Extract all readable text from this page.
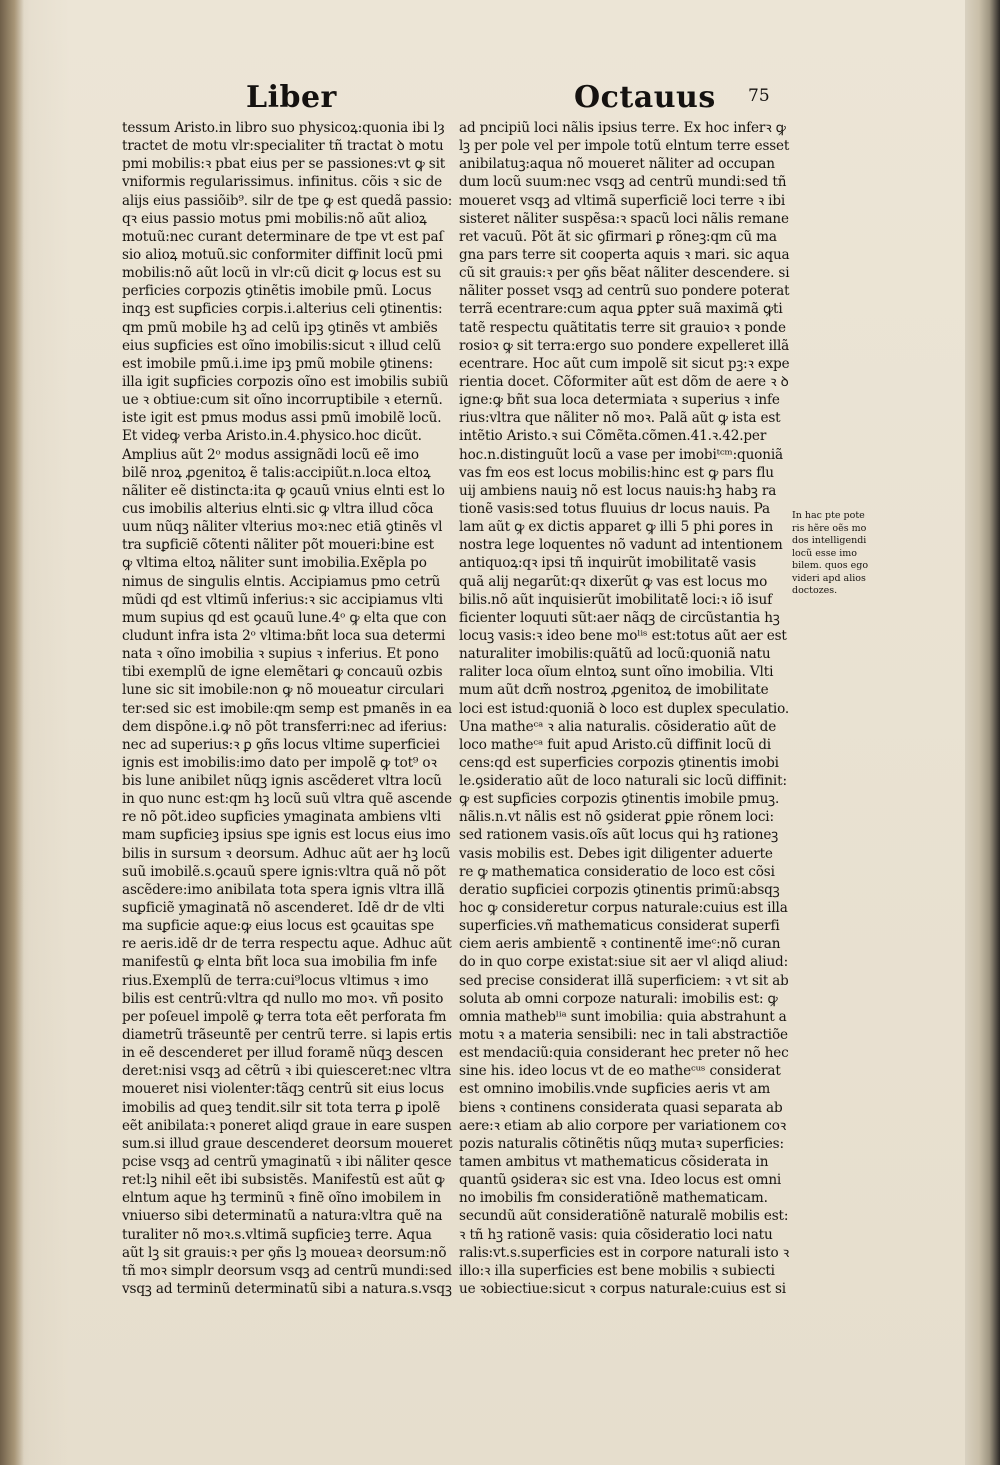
Liber	Octauus 75
tessum Aristo.in libro suo physicoꝝ:quonia ibi lȝ
tractet de motu vlr:specialiter tñ tractat ꝺ motu
pmi mobilis:ꝛ pbat eius per se passiones:vt ꝙ sit
vniformis regularissimus. infinitus. cõis ꝛ sic de
alijs eius passiõib⁹. silr de tpe ꝙ est quedã passio:
qꝛ eius passio motus pmi mobilis:nõ aũt alioꝝ
motuũ:nec curant determinare de tpe vt est paſ
sio alioꝝ motuũ.sic conformiter diffinit locũ pmi
mobilis:nõ aũt locũ in vlr:cũ dicit ꝙ locus est su
perficies corpozis ꝯtinẽtis imobile pmũ. Locus
inqꝫ est suꝑficies corpis.i.alterius celi ꝯtinentis:
qm pmũ mobile hꝫ ad celũ ipꝫ ꝯtinẽs vt ambiẽs
eius suꝑficies est oĩno imobilis:sicut ꝛ illud celũ
est imobile pmũ.i.ime ipꝫ pmũ mobile ꝯtinens:
illa igit suꝑficies corpozis oĩno est imobilis subiũ
ue ꝛ obtiue:cum sit oĩno incorruptibile ꝛ eternũ.
iste igit est pmus modus assi pmũ imobilẽ locũ.
Et videꝙ verba Aristo.in.4.physico.hoc dicũt.
Amplius aũt 2ᵒ modus assignãdi locũ eẽ imo
bilẽ nroꝝ ꝓgenitoꝝ ẽ talis:accipiũt.n.loca eltoꝝ
nãliter eẽ distincta:ita ꝙ ꝯcauũ vnius elnti est lo
cus imobilis alterius elnti.sic ꝙ vltra illud cõca
uum nũqꝫ nãliter vlterius moꝛ:nec etiã ꝯtinẽs vl
tra suꝑficiẽ cõtenti nãliter põt moueri:bine est
ꝙ vltima eltoꝝ nãliter sunt imobilia.Exẽpla po
nimus de singulis elntis. Accipiamus pmo cetrũ
mũdi qd est vltimũ inferius:ꝛ sic accipiamus vlti
mum supius qd est ꝯcauũ lune.4ᵒ ꝙ elta que con
cludunt infra ista 2ᵒ vltima:bñt loca sua determi
nata ꝛ oĩno imobilia ꝛ supius ꝛ inferius. Et pono
tibi exemplũ de igne elemẽtari ꝙ concauũ ozbis
lune sic sit imobile:non ꝙ nõ moueatur circulari
ter:sed sic est imobile:qm semp est pmanẽs in ea
dem dispõne.i.ꝙ nõ põt transferri:nec ad iferius:
nec ad superius:ꝛ ꝑ ꝯñs locus vltime superficiei
ignis est imobilis:imo dato per impolẽ ꝙ tot⁹ oꝛ
bis lune anibilet nũqꝫ ignis ascẽderet vltra locũ
in quo nunc est:qm hꝫ locũ suũ vltra quẽ ascende
re nõ põt.ideo suꝑficies ymaginata ambiens vlti
mam suꝑficieꝫ ipsius spe ignis est locus eius imo
bilis in sursum ꝛ deorsum. Adhuc aũt aer hꝫ locũ
suũ imobilẽ.s.ꝯcauũ spere ignis:vltra quã nõ põt
ascẽdere:imo anibilata tota spera ignis vltra illã
suꝑficiẽ ymaginatã nõ ascenderet. Idẽ dr de vlti
ma suꝑficie aque:ꝙ eius locus est ꝯcauitas spe
re aeris.idẽ dr de terra respectu aque. Adhuc aũt
manifestũ ꝙ elnta bñt loca sua imobilia fm infe
rius.Exemplũ de terra:cui⁹locus vltimus ꝛ imo
bilis est centrũ:vltra qd nullo mo moꝛ. vñ posito
per poſeuel impolẽ ꝙ terra tota eẽt perforata fm
diametrũ trãseuntẽ per centrũ terre. si lapis ertis
in eẽ descenderet per illud foramẽ nũqꝫ descen
deret:nisi vsqꝫ ad cẽtrũ ꝛ ibi quiesceret:nec vltra
moueret nisi violenter:tãqꝫ centrũ sit eius locus
imobilis ad queꝫ tendit.silr sit tota terra ꝑ ipolẽ
eẽt anibilata:ꝛ poneret aliqd graue in eare suspen
sum.si illud graue descenderet deorsum moueret
pcise vsqꝫ ad centrũ ymaginatũ ꝛ ibi nãliter qesce
ret:lꝫ nihil eẽt ibi subsistẽs. Manifestũ est aũt ꝙ
elntum aque hꝫ terminũ ꝛ finẽ oĩno imobilem in
vniuerso sibi determinatũ a natura:vltra quẽ na
turaliter nõ moꝛ.s.vltimã suꝑficieꝫ terre. Aqua
aũt lꝫ sit grauis:ꝛ per ꝯñs lꝫ moueaꝛ deorsum:nõ
tñ moꝛ simplr deorsum vsqꝫ ad centrũ mundi:sed
vsqꝫ ad terminũ determinatũ sibi a natura.s.vsqꝫ
ad pncipiũ loci nãlis ipsius terre. Ex hoc inferꝛ ꝙ
lꝫ per pole vel per impole totũ elntum terre esset
anibilatuꝫ:aqua nõ moueret nãliter ad occupan
dum locũ suum:nec vsqꝫ ad centrũ mundi:sed tñ
moueret vsqꝫ ad vltimã superficiẽ loci terre ꝛ ibi
sisteret nãliter suspẽsa:ꝛ spacũ loci nãlis remane
ret vacuũ. Põt ãt sic ꝯfirmari ꝑ rõneꝫ:qm cũ ma
gna pars terre sit cooperta aquis ꝛ mari. sic aqua
cũ sit grauis:ꝛ per ꝯñs bẽat nãliter descendere. si
nãliter posset vsqꝫ ad centrũ suo pondere poterat
terrã ecentrare:cum aqua ꝑpter suã maximã ꝙti
tatẽ respectu quãtitatis terre sit grauioꝛ ꝛ ponde
rosioꝛ ꝙ sit terra:ergo suo pondere expelleret illã
ecentrare. Hoc aũt cum impolẽ sit sicut pꝫ:ꝛ expe
rientia docet. Cõformiter aũt est dõm de aere ꝛ ꝺ
igne:ꝙ bñt sua loca determiata ꝛ superius ꝛ infe
rius:vltra que nãliter nõ moꝛ. Palã aũt ꝙ ista est
intẽtio Aristo.ꝛ sui Cõmẽta.cõmen.41.ꝛ.42.per
hoc.n.distinguũt locũ a vase per imobiᵗᶜᵐ:quoniã
vas fm eos est locus mobilis:hinc est ꝙ pars flu
uij ambiens nauiꝫ nõ est locus nauis:hꝫ habꝫ ra
tionẽ vasis:sed totus fluuius dr locus nauis. Pa
lam aũt ꝙ ex dictis apparet ꝙ illi 5 phi ꝑores in
nostra lege loquentes nõ vadunt ad intentionem
antiquoꝝ:qꝛ ipsi tñ inquirũt imobilitatẽ vasis
quã alij negarũt:qꝛ dixerũt ꝙ vas est locus mo
bilis.nõ aũt inquisierũt imobilitatẽ loci:ꝛ iõ isuf
ficienter loquuti sũt:aer nãqꝫ de circũstantia hꝫ
locuꝫ vasis:ꝛ ideo bene moˡⁱˢ est:totus aũt aer est
naturaliter imobilis:quãtũ ad locũ:quoniã natu
raliter loca oĩum elntoꝝ sunt oĩno imobilia. Vlti
mum aũt dcm̃ nostroꝝ ꝓgenitoꝝ de imobilitate
loci est istud:quoniã ꝺ loco est duplex speculatio.
Una matheᶜᵃ ꝛ alia naturalis. cõsideratio aũt de
loco matheᶜᵃ fuit apud Aristo.cũ diffinit locũ di
cens:qd est superficies corpozis ꝯtinentis imobi
le.ꝯsideratio aũt de loco naturali sic locũ diffinit:
ꝙ est suꝑficies corpozis ꝯtinentis imobile pmuꝫ.
nãlis.n.vt nãlis est nõ ꝯsiderat ꝑpie rõnem loci:
sed rationem vasis.oĩs aũt locus qui hꝫ rationeꝫ
vasis mobilis est. Debes igit diligenter aduerte
re ꝙ mathematica consideratio de loco est cõsi
deratio suꝑficiei corpozis ꝯtinentis primũ:absqꝫ
hoc ꝙ consideretur corpus naturale:cuius est illa
superficies.vñ mathematicus considerat superfi
ciem aeris ambientẽ ꝛ continentẽ imeᶜ:nõ curan
do in quo corpe existat:siue sit aer vl aliqd aliud:
sed precise considerat illã superficiem: ꝛ vt sit ab
soluta ab omni corpoze naturali: imobilis est: ꝙ
omnia mathebˡⁱᵃ sunt imobilia: quia abstrahunt a
motu ꝛ a materia sensibili: nec in tali abstractiõe
est mendaciũ:quia considerant hec preter nõ hec
sine his. ideo locus vt de eo matheᶜᵘˢ considerat
est omnino imobilis.vnde suꝑficies aeris vt am
biens ꝛ continens considerata quasi separata ab
aere:ꝛ etiam ab alio corpore per variationem coꝛ
pozis naturalis cõtinẽtis nũqꝫ mutaꝛ superficies:
tamen ambitus vt mathematicus cõsiderata in
quantũ ꝯsideraꝛ sic est vna. Ideo locus est omni
no imobilis fm consideratiõnẽ mathematicam.
secundũ aũt consideratiõnẽ naturalẽ mobilis est:
ꝛ tñ hꝫ rationẽ vasis: quia cõsideratio loci natu
ralis:vt.s.superficies est in corpore naturali isto ꝛ
illo:ꝛ illa superficies est bene mobilis ꝛ subiecti
ue ꝛobiectiue:sicut ꝛ corpus naturale:cuius est si
In hac pte pote
ris hẽre oẽs mo
dos intelligendi
locũ esse imo
bilem. quos ego
videri apd alios
doctozes.
